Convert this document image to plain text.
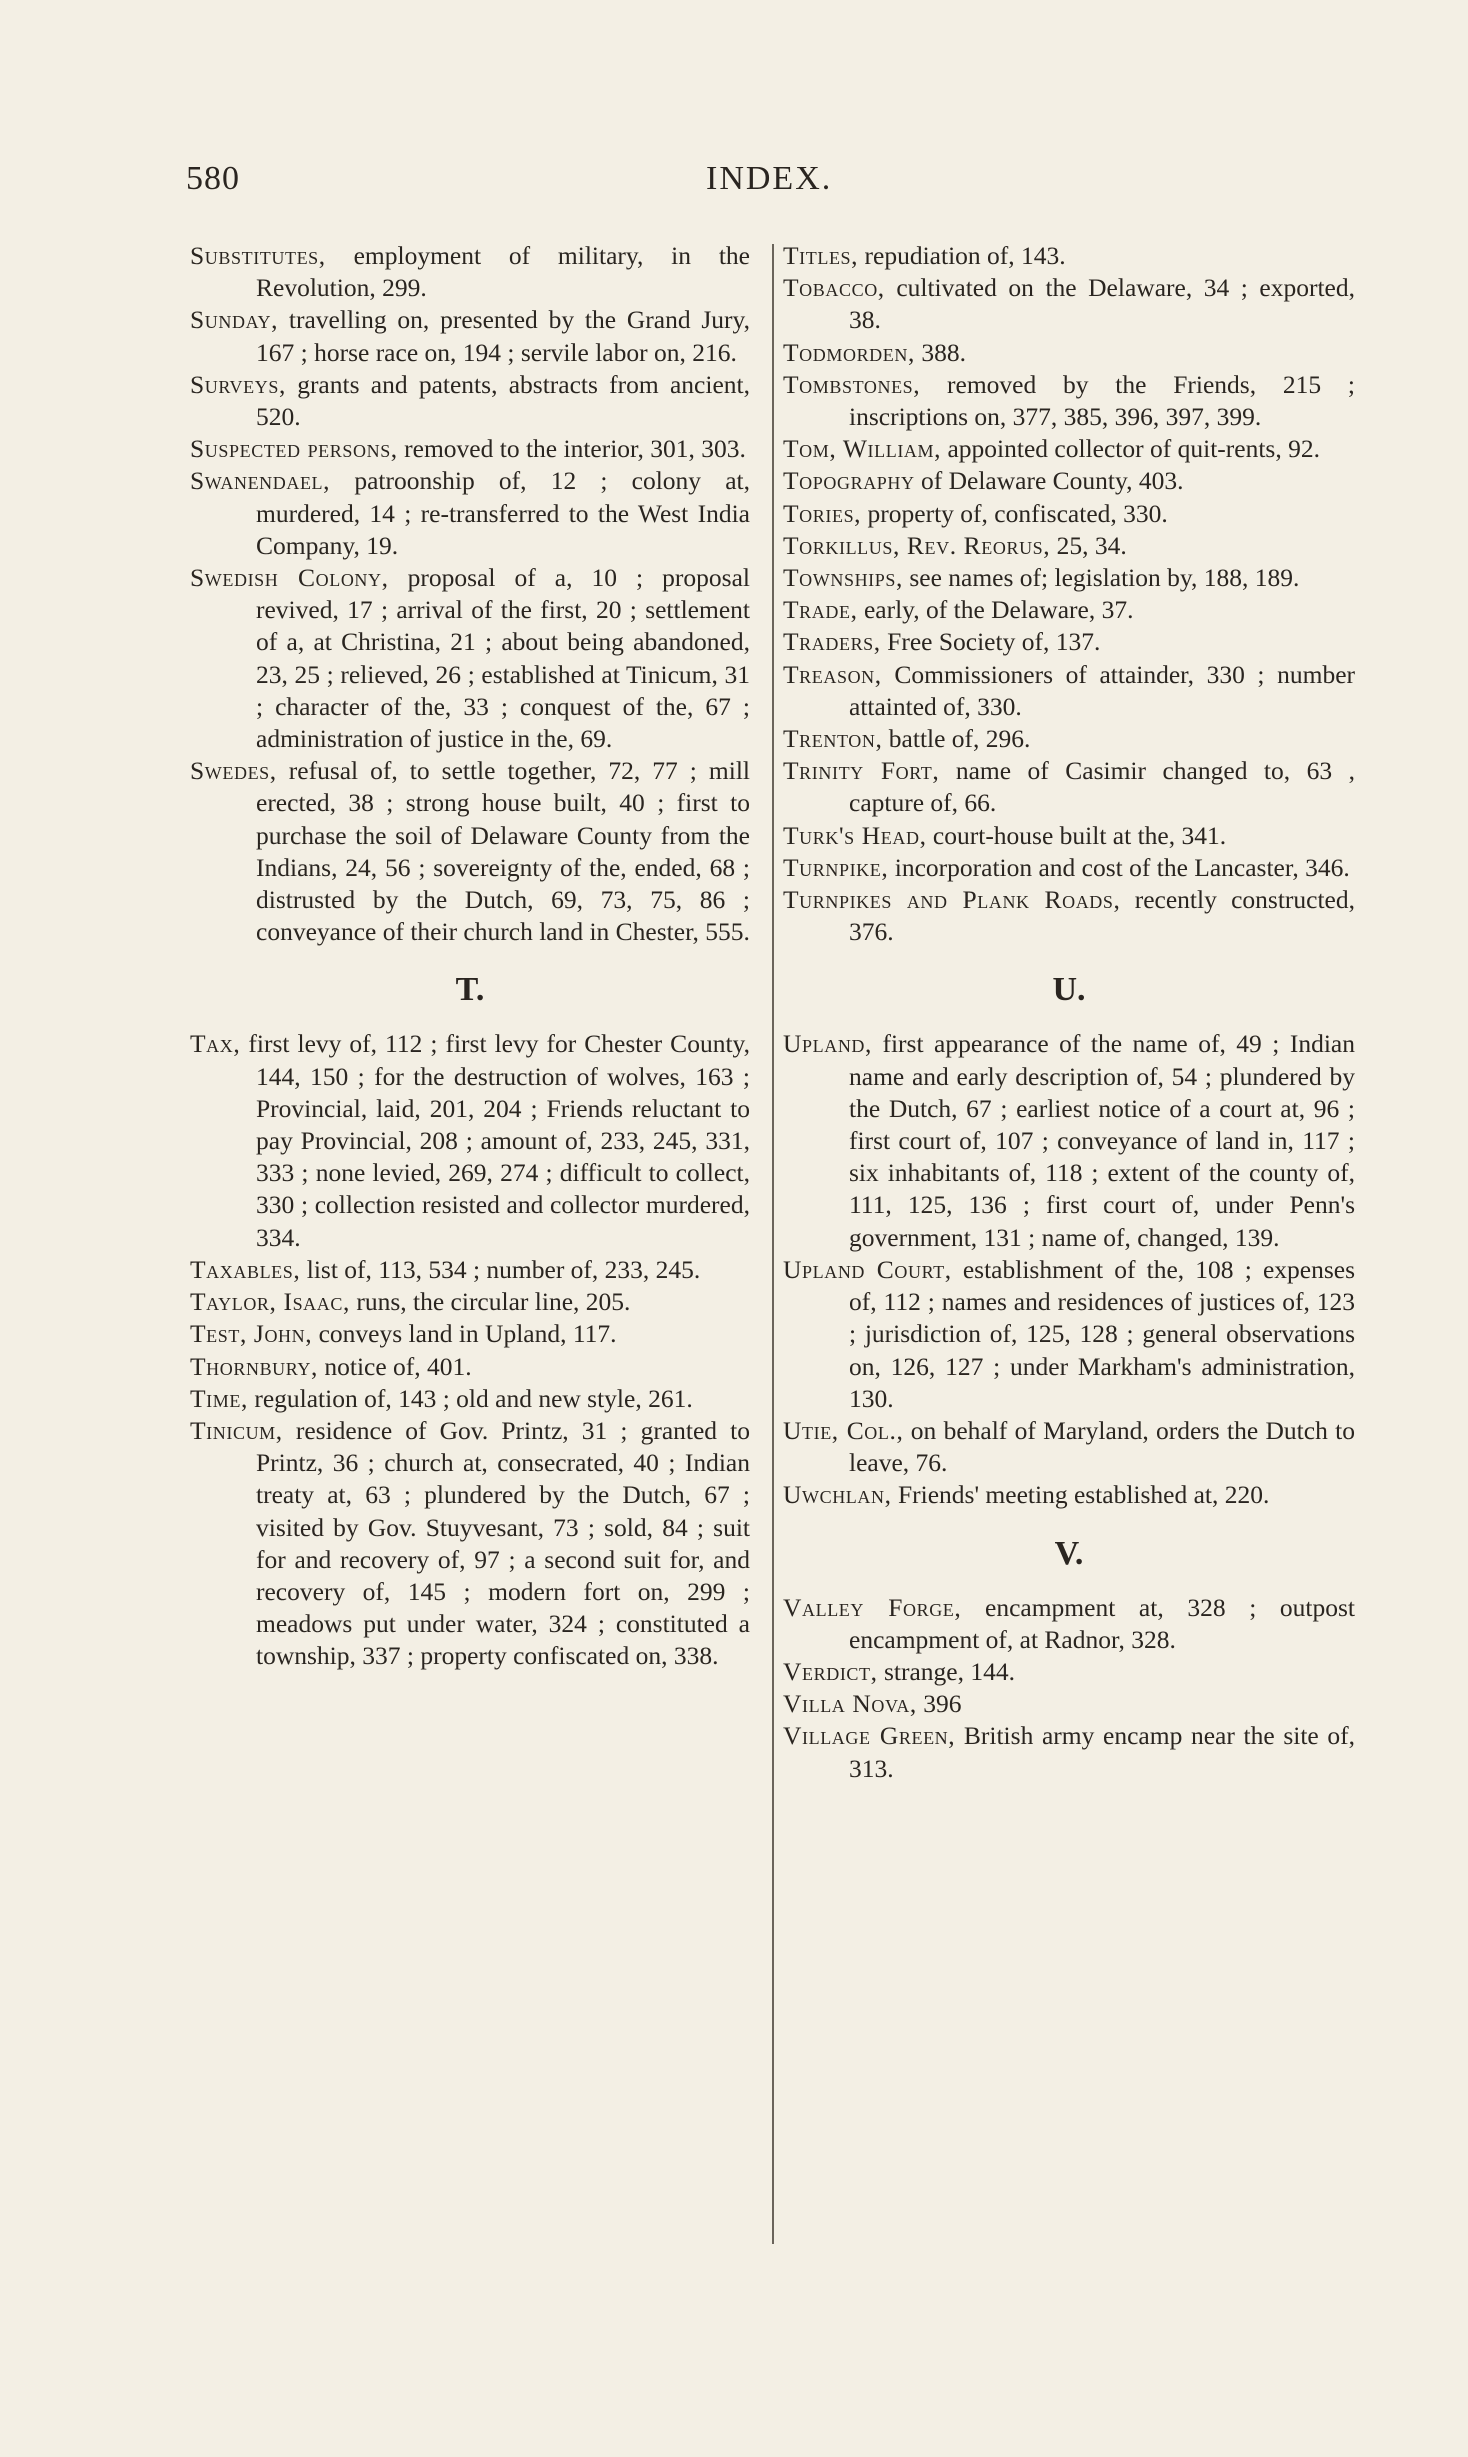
580	INDEX.

Substitutes, employment of military, in the Revolution, 299.

Sunday, travelling on, presented by the Grand Jury, 167 ; horse race on, 194 ; servile labor on, 216.

Surveys, grants and patents, abstracts from ancient, 520.

Suspected persons, removed to the interior, 301, 303.

Swanendael, patroonship of, 12 ; colony at, murdered, 14 ; re-transferred to the West India Company, 19.

Swedish Colony, proposal of a, 10 ; proposal revived, 17 ; arrival of the first, 20 ; settlement of a, at Christina, 21 ; about being abandoned, 23, 25 ; relieved, 26 ; established at Tinicum, 31 ; character of the, 33 ; conquest of the, 67 ; administration of justice in the, 69.

Swedes, refusal of, to settle together, 72, 77 ; mill erected, 38 ; strong house built, 40 ; first to purchase the soil of Delaware County from the Indians, 24, 56 ; sovereignty of the, ended, 68 ; distrusted by the Dutch, 69, 73, 75, 86 ; conveyance of their church land in Chester, 555.

T.

Tax, first levy of, 112 ; first levy for Chester County, 144, 150 ; for the destruction of wolves, 163 ; Provincial, laid, 201, 204 ; Friends reluctant to pay Provincial, 208 ; amount of, 233, 245, 331, 333 ; none levied, 269, 274 ; difficult to collect, 330 ; collection resisted and collector murdered, 334.

Taxables, list of, 113, 534 ; number of, 233, 245.

Taylor, Isaac, runs, the circular line, 205.

Test, John, conveys land in Upland, 117.

Thornbury, notice of, 401.

Time, regulation of, 143 ; old and new style, 261.

Tinicum, residence of Gov. Printz, 31 ; granted to Printz, 36 ; church at, consecrated, 40 ; Indian treaty at, 63 ; plundered by the Dutch, 67 ; visited by Gov. Stuyvesant, 73 ; sold, 84 ; suit for and recovery of, 97 ; a second suit for, and recovery of, 145 ; modern fort on, 299 ; meadows put under water, 324 ; constituted a township, 337 ; property confiscated on, 338.

Titles, repudiation of, 143.

Tobacco, cultivated on the Delaware, 34 ; exported, 38.

Todmorden, 388.

Tombstones, removed by the Friends, 215 ; inscriptions on, 377, 385, 396, 397, 399.

Tom, William, appointed collector of quit-rents, 92.

Topography of Delaware County, 403.

Tories, property of, confiscated, 330.

Torkillus, Rev. Reorus, 25, 34.

Townships, see names of; legislation by, 188, 189.

Trade, early, of the Delaware, 37.

Traders, Free Society of, 137.

Treason, Commissioners of attainder, 330 ; number attainted of, 330.

Trenton, battle of, 296.

Trinity Fort, name of Casimir changed to, 63 , capture of, 66.

Turk's Head, court-house built at the, 341.

Turnpike, incorporation and cost of the Lancaster, 346.

Turnpikes and Plank Roads, recently constructed, 376.

U.

Upland, first appearance of the name of, 49 ; Indian name and early description of, 54 ; plundered by the Dutch, 67 ; earliest notice of a court at, 96 ; first court of, 107 ; conveyance of land in, 117 ; six inhabitants of, 118 ; extent of the county of, 111, 125, 136 ; first court of, under Penn's government, 131 ; name of, changed, 139.

Upland Court, establishment of the, 108 ; expenses of, 112 ; names and residences of justices of, 123 ; jurisdiction of, 125, 128 ; general observations on, 126, 127 ; under Markham's administration, 130.

Utie, Col., on behalf of Maryland, orders the Dutch to leave, 76.

Uwchlan, Friends' meeting established at, 220.

V.

Valley Forge, encampment at, 328 ; outpost encampment of, at Radnor, 328.

Verdict, strange, 144.

Villa Nova, 396

Village Green, British army encamp near the site of, 313.
